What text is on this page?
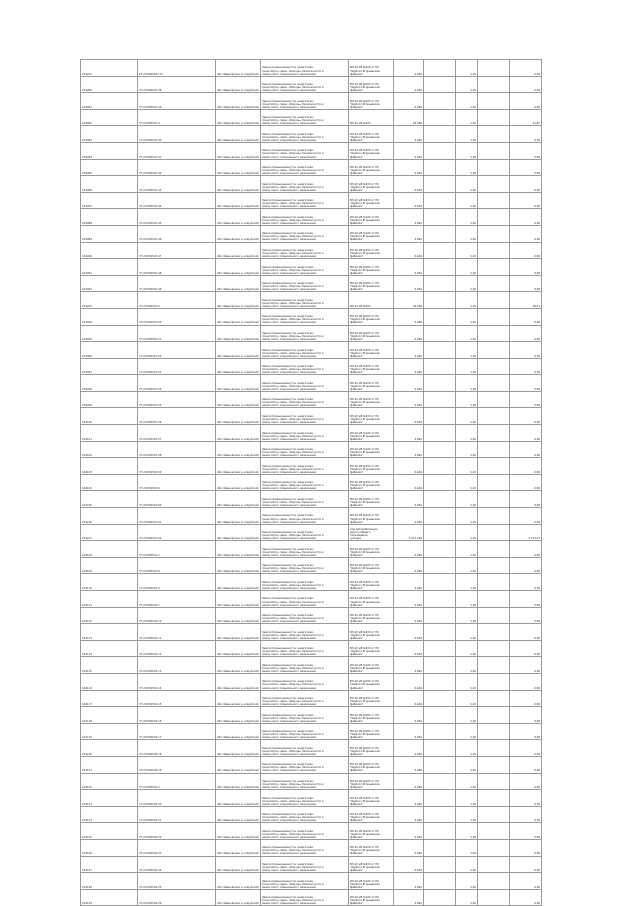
164070	27:20:0505031:37	обл. Ивановская, р-н Шуйский	Земли промышленности, энергетики,
транспорта, связи, обороны, безопасности и
земли иного специального назначения	ВЛ-10 кВ №105 от ПС
"Шуйско-Егорьевская
фабрика"	0,464		1,20		0,56
164080	37:20:050501:38	обл. Ивановская, р-н Шуйский	Земли промышленности, энергетики,
транспорта, связи, обороны, безопасности и
земли иного специального назначения	ВЛ-10 кВ №105 от ПС
"Шуйско-Егорьевская
фабрика"	0,464		1,20		0,56
164081	37:20:050501:39	обл. Ивановская, р-н Шуйский	Земли промышленности, энергетики,
транспорта, связи, обороны, безопасности и
земли иного специального назначения	ВЛ-10 кВ №105 от ПС
"Шуйско-Егорьевская
фабрика"	0,464		1,20		0,56
164082	37:20:050501:4	обл. Ивановская, р-н Шуйский	Земли промышленности, энергетики,
транспорта, связи, обороны, безопасности и
земли иного специального назначения	ВЛ-10 кВ №105	18,464		1,20		21,87
164083	37:20:050501:40	обл. Ивановская, р-н Шуйский	Земли промышленности, энергетики,
транспорта, связи, обороны, безопасности и
земли иного специального назначения	ВЛ-10 кВ №105 от ПС
"Шуйско-Егорьевская
фабрика"	0,464		1,20		0,56
164084	37:20:050501:41	обл. Ивановская, р-н Шуйский	Земли промышленности, энергетики,
транспорта, связи, обороны, безопасности и
земли иного специального назначения	ВЛ-10 кВ №105 от ПС
"Шуйско-Егорьевская
фабрика"	0,464		1,20		0,56
164085	37:20:050501:42	обл. Ивановская, р-н Шуйский	Земли промышленности, энергетики,
транспорта, связи, обороны, безопасности и
земли иного специального назначения	ВЛ-10 кВ №105 от ПС
"Шуйско-Егорьевская
фабрика"	0,464		1,20		0,56
164086	37:20:050501:43	обл. Ивановская, р-н Шуйский	Земли промышленности, энергетики,
транспорта, связи, обороны, безопасности и
земли иного специального назначения	ВЛ-10 кВ №105 от ПС
"Шуйско-Егорьевская
фабрика"	0,464		1,20		0,56
164087	37:20:050501:44	обл. Ивановская, р-н Шуйский	Земли промышленности, энергетики,
транспорта, связи, обороны, безопасности и
земли иного специального назначения	ВЛ-10 кВ №105 от ПС
"Шуйско-Егорьевская
фабрика"	0,464		1,20		0,56
164088	37:20:050501:45	обл. Ивановская, р-н Шуйский	Земли промышленности, энергетики,
транспорта, связи, обороны, безопасности и
земли иного специального назначения	ВЛ-10 кВ №105 от ПС
"Шуйско-Егорьевская
фабрика"	0,464		1,20		0,56
164089	37:20:050501:46	обл. Ивановская, р-н Шуйский	Земли промышленности, энергетики,
транспорта, связи, обороны, безопасности и
земли иного специального назначения	ВЛ-10 кВ №105 от ПС
"Шуйско-Егорьевская
фабрика"	0,464		1,20		0,56
164090	37:20:050501:47	обл. Ивановская, р-н Шуйский	Земли промышленности, энергетики,
транспорта, связи, обороны, безопасности и
земли иного специального назначения	ВЛ-10 кВ №105 от ПС
"Шуйско-Егорьевская
фабрика"	0,464		1,20		0,56
164091	37:20:050501:48	обл. Ивановская, р-н Шуйский	Земли промышленности, энергетики,
транспорта, связи, обороны, безопасности и
земли иного специального назначения	ВЛ-10 кВ №105 от ПС
"Шуйско-Егорьевская
фабрика"	0,464		1,20		0,56
164092	37:20:050501:49	обл. Ивановская, р-н Шуйский	Земли промышленности, энергетики,
транспорта, связи, обороны, безопасности и
земли иного специального назначения	ВЛ-10 кВ №105 от ПС
"Шуйско-Егорьевская
фабрика"	0,464		1,20		0,56
164093	37:20:050501:5	обл. Ивановская, р-н Шуйский	Земли промышленности, энергетики,
транспорта, связи, обороны, безопасности и
земли иного специального назначения	ВЛ-10 кВ №105	30,464		1,20		36,31
164094	37:20:050501:50	обл. Ивановская, р-н Шуйский	Земли промышленности, энергетики,
транспорта, связи, обороны, безопасности и
земли иного специального назначения	ВЛ-10 кВ №105 от ПС
"Шуйско-Егорьевская
фабрика"	0,464		1,20		0,56
164095	37:20:050501:51	обл. Ивановская, р-н Шуйский	Земли промышленности, энергетики,
транспорта, связи, обороны, безопасности и
земли иного специального назначения	ВЛ-10 кВ №105 от ПС
"Шуйско-Егорьевская
фабрика"	0,464		1,20		0,56
164096	37:20:050501:52	обл. Ивановская, р-н Шуйский	Земли промышленности, энергетики,
транспорта, связи, обороны, безопасности и
земли иного специального назначения	ВЛ-10 кВ №105 от ПС
"Шуйско-Егорьевская
фабрика"	0,464		1,20		0,56
164097	37:20:050501:53	обл. Ивановская, р-н Шуйский	Земли промышленности, энергетики,
транспорта, связи, обороны, безопасности и
земли иного специального назначения	ВЛ-10 кВ №105 от ПС
"Шуйско-Егорьевская
фабрика"	0,464		1,20		0,56
164098	37:20:050501:54	обл. Ивановская, р-н Шуйский	Земли промышленности, энергетики,
транспорта, связи, обороны, безопасности и
земли иного специального назначения	ВЛ-10 кВ №105 от ПС
"Шуйско-Егорьевская
фабрика"	0,464		1,20		0,56
164099	37:20:050501:55	обл. Ивановская, р-н Шуйский	Земли промышленности, энергетики,
транспорта, связи, обороны, безопасности и
земли иного специального назначения	ВЛ-10 кВ №105 от ПС
"Шуйско-Егорьевская
фабрика"	0,464		1,20		0,56
164100	37:20:050501:56	обл. Ивановская, р-н Шуйский	Земли промышленности, энергетики,
транспорта, связи, обороны, безопасности и
земли иного специального назначения	ВЛ-10 кВ №105 от ПС
"Шуйско-Егорьевская
фабрика"	0,464		1,20		0,56
164101	37:20:050501:57	обл. Ивановская, р-н Шуйский	Земли промышленности, энергетики,
транспорта, связи, обороны, безопасности и
земли иного специального назначения	ВЛ-10 кВ №105 от ПС
"Шуйско-Егорьевская
фабрика"	0,464		1,20		0,56
164102	37:20:050501:58	обл. Ивановская, р-н Шуйский	Земли промышленности, энергетики,
транспорта, связи, обороны, безопасности и
земли иного специального назначения	ВЛ-10 кВ №105 от ПС
"Шуйско-Егорьевская
фабрика"	0,464		1,20		0,56
164103	37:20:050501:59	обл. Ивановская, р-н Шуйский	Земли промышленности, энергетики,
транспорта, связи, обороны, безопасности и
земли иного специального назначения	ВЛ-10 кВ №105 от ПС
"Шуйско-Егорьевская
фабрика"	0,464		1,20		0,56
164104	37:20:050501:6	обл. Ивановская, р-н Шуйский	Земли промышленности, энергетики,
транспорта, связи, обороны, безопасности и
земли иного специального назначения	ВЛ-10 кВ №105 от ПС
"Шуйско-Егорьевская
фабрика"	0,464		1,20		0,56
164105	37:20:050501:60	обл. Ивановская, р-н Шуйский	Земли промышленности, энергетики,
транспорта, связи, обороны, безопасности и
земли иного специального назначения	ВЛ-10 кВ №105 от ПС
"Шуйско-Егорьевская
фабрика"	0,464		1,20		0,56
164106	37:20:050501:61	обл. Ивановская, р-н Шуйский	Земли промышленности, энергетики,
транспорта, связи, обороны, безопасности и
земли иного специального назначения	ВЛ-10 кВ №105 от ПС
"Шуйско-Егорьевская
фабрика"	0,464		1,20		0,56
164107	37:20:050501:62	обл. Ивановская, р-н Шуйский	Земли промышленности, энергетики,
транспорта, связи, обороны, безопасности и
земли иного специального назначения	под автомобильную
дорогу общего
пользования
(улицы)	3 071,464		1,20		3 711,27
164108	37:20:050501:7	обл. Ивановская, р-н Шуйский	Земли промышленности, энергетики,
транспорта, связи, обороны, безопасности и
земли иного специального назначения	ВЛ-10 кВ №105 от ПС
"Шуйско-Егорьевская
фабрика"	0,464		1,20		0,56
164109	37:20:050501:8	обл. Ивановская, р-н Шуйский	Земли промышленности, энергетики,
транспорта, связи, обороны, безопасности и
земли иного специального назначения	ВЛ-10 кВ №105 от ПС
"Шуйско-Егорьевская
фабрика"	0,464		1,20		0,56
164110	37:20:050501:9	обл. Ивановская, р-н Шуйский	Земли промышленности, энергетики,
транспорта, связи, обороны, безопасности и
земли иного специального назначения	ВЛ-10 кВ №105 от ПС
"Шуйско-Егорьевская
фабрика"	0,464		1,20		0,56
164111	37:20:050502:1	обл. Ивановская, р-н Шуйский	Земли промышленности, энергетики,
транспорта, связи, обороны, безопасности и
земли иного специального назначения	ВЛ-10 кВ №105 от ПС
"Шуйско-Егорьевская
фабрика"	0,464		1,20		0,56
164112	37:20:050502:10	обл. Ивановская, р-н Шуйский	Земли промышленности, энергетики,
транспорта, связи, обороны, безопасности и
земли иного специального назначения	ВЛ-10 кВ №105 от ПС
"Шуйско-Егорьевская
фабрика"	0,464		1,20		0,56
164113	37:20:050502:11	обл. Ивановская, р-н Шуйский	Земли промышленности, энергетики,
транспорта, связи, обороны, безопасности и
земли иного специального назначения	ВЛ-10 кВ №105 от ПС
"Шуйско-Егорьевская
фабрика"	0,464		1,20		0,56
164114	37:20:050502:12	обл. Ивановская, р-н Шуйский	Земли промышленности, энергетики,
транспорта, связи, обороны, безопасности и
земли иного специального назначения	ВЛ-10 кВ №105 от ПС
"Шуйско-Егорьевская
фабрика"	0,464		1,20		0,56
164115	37:20:050502:13	обл. Ивановская, р-н Шуйский	Земли промышленности, энергетики,
транспорта, связи, обороны, безопасности и
земли иного специального назначения	ВЛ-10 кВ №105 от ПС
"Шуйско-Егорьевская
фабрика"	0,464		1,20		0,56
164116	37:20:050502:14	обл. Ивановская, р-н Шуйский	Земли промышленности, энергетики,
транспорта, связи, обороны, безопасности и
земли иного специального назначения	ВЛ-10 кВ №105 от ПС
"Шуйско-Егорьевская
фабрика"	0,464		1,20		0,56
164117	37:20:050502:15	обл. Ивановская, р-н Шуйский	Земли промышленности, энергетики,
транспорта, связи, обороны, безопасности и
земли иного специального назначения	ВЛ-10 кВ №105 от ПС
"Шуйско-Егорьевская
фабрика"	0,464		1,20		0,56
164118	37:20:050502:16	обл. Ивановская, р-н Шуйский	Земли промышленности, энергетики,
транспорта, связи, обороны, безопасности и
земли иного специального назначения	ВЛ-10 кВ №105 от ПС
"Шуйско-Егорьевская
фабрика"	0,464		1,20		0,56
164119	37:20:050502:17	обл. Ивановская, р-н Шуйский	Земли промышленности, энергетики,
транспорта, связи, обороны, безопасности и
земли иного специального назначения	ВЛ-10 кВ №105 от ПС
"Шуйско-Егорьевская
фабрика"	0,464		1,20		0,56
164120	37:20:050502:18	обл. Ивановская, р-н Шуйский	Земли промышленности, энергетики,
транспорта, связи, обороны, безопасности и
земли иного специального назначения	ВЛ-10 кВ №105 от ПС
"Шуйско-Егорьевская
фабрика"	0,464		1,20		0,56
164121	37:20:050502:19	обл. Ивановская, р-н Шуйский	Земли промышленности, энергетики,
транспорта, связи, обороны, безопасности и
земли иного специального назначения	ВЛ-10 кВ №105 от ПС
"Шуйско-Егорьевская
фабрика"	0,464		1,20		0,56
164122	37:20:050502:2	обл. Ивановская, р-н Шуйский	Земли промышленности, энергетики,
транспорта, связи, обороны, безопасности и
земли иного специального назначения	ВЛ-10 кВ №105 от ПС
"Шуйско-Егорьевская
фабрика"	0,464		1,20		0,56
164123	37:20:050502:20	обл. Ивановская, р-н Шуйский	Земли промышленности, энергетики,
транспорта, связи, обороны, безопасности и
земли иного специального назначения	ВЛ-10 кВ №105 от ПС
"Шуйско-Егорьевская
фабрика"	0,464		1,20		0,56
164124	37:20:050502:21	обл. Ивановская, р-н Шуйский	Земли промышленности, энергетики,
транспорта, связи, обороны, безопасности и
земли иного специального назначения	ВЛ-10 кВ №105 от ПС
"Шуйско-Егорьевская
фабрика"	0,464		1,20		0,56
164125	37:20:050502:22	обл. Ивановская, р-н Шуйский	Земли промышленности, энергетики,
транспорта, связи, обороны, безопасности и
земли иного специального назначения	ВЛ-10 кВ №105 от ПС
"Шуйско-Егорьевская
фабрика"	0,464		1,20		0,56
164126	37:20:050502:23	обл. Ивановская, р-н Шуйский	Земли промышленности, энергетики,
транспорта, связи, обороны, безопасности и
земли иного специального назначения	ВЛ-10 кВ №105 от ПС
"Шуйско-Егорьевская
фабрика"	0,464		1,20		0,56
164127	37:20:050502:24	обл. Ивановская, р-н Шуйский	Земли промышленности, энергетики,
транспорта, связи, обороны, безопасности и
земли иного специального назначения	ВЛ-10 кВ №105 от ПС
"Шуйско-Егорьевская
фабрика"	0,464		1,20		0,56
164128	37:20:050502:25	обл. Ивановская, р-н Шуйский	Земли промышленности, энергетики,
транспорта, связи, обороны, безопасности и
земли иного специального назначения	ВЛ-10 кВ №105 от ПС
"Шуйско-Егорьевская
фабрика"	0,464		1,20		0,56
164129	37:20:050502:26	обл. Ивановская, р-н Шуйский	Земли промышленности, энергетики,
транспорта, связи, обороны, безопасности и
земли иного специального назначения	ВЛ-10 кВ №105 от ПС
"Шуйско-Егорьевская
фабрика"	0,464		1,20		0,56
